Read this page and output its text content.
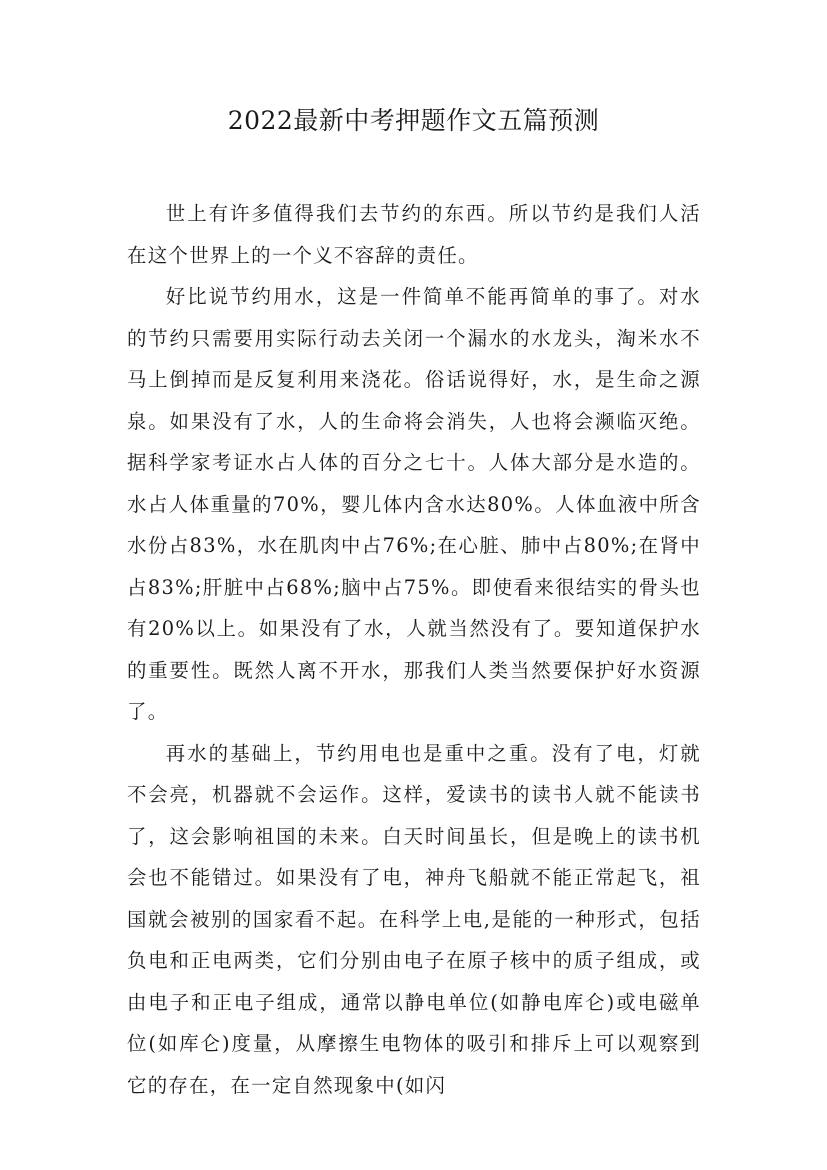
2022最新中考押题作文五篇预测

世上有许多值得我们去节约的东西。所以节约是我们人活在这个世界上的一个义不容辞的责任。

好比说节约用水，这是一件简单不能再简单的事了。对水的节约只需要用实际行动去关闭一个漏水的水龙头，淘米水不马上倒掉而是反复利用来浇花。俗话说得好，水，是生命之源泉。如果没有了水，人的生命将会消失，人也将会濒临灭绝。据科学家考证水占人体的百分之七十。人体大部分是水造的。水占人体重量的70%，婴儿体内含水达80%。人体血液中所含水份占83%，水在肌肉中占76%;在心脏、肺中占80%;在肾中占83%;肝脏中占68%;脑中占75%。即使看来很结实的骨头也有20%以上。如果没有了水，人就当然没有了。要知道保护水的重要性。既然人离不开水，那我们人类当然要保护好水资源了。

再水的基础上，节约用电也是重中之重。没有了电，灯就不会亮，机器就不会运作。这样，爱读书的读书人就不能读书了，这会影响祖国的未来。白天时间虽长，但是晚上的读书机会也不能错过。如果没有了电，神舟飞船就不能正常起飞，祖国就会被别的国家看不起。在科学上电,是能的一种形式，包括负电和正电两类，它们分别由电子在原子核中的质子组成，或由电子和正电子组成，通常以静电单位(如静电库仑)或电磁单位(如库仑)度量，从摩擦生电物体的吸引和排斥上可以观察到它的存在，在一定自然现象中(如闪
